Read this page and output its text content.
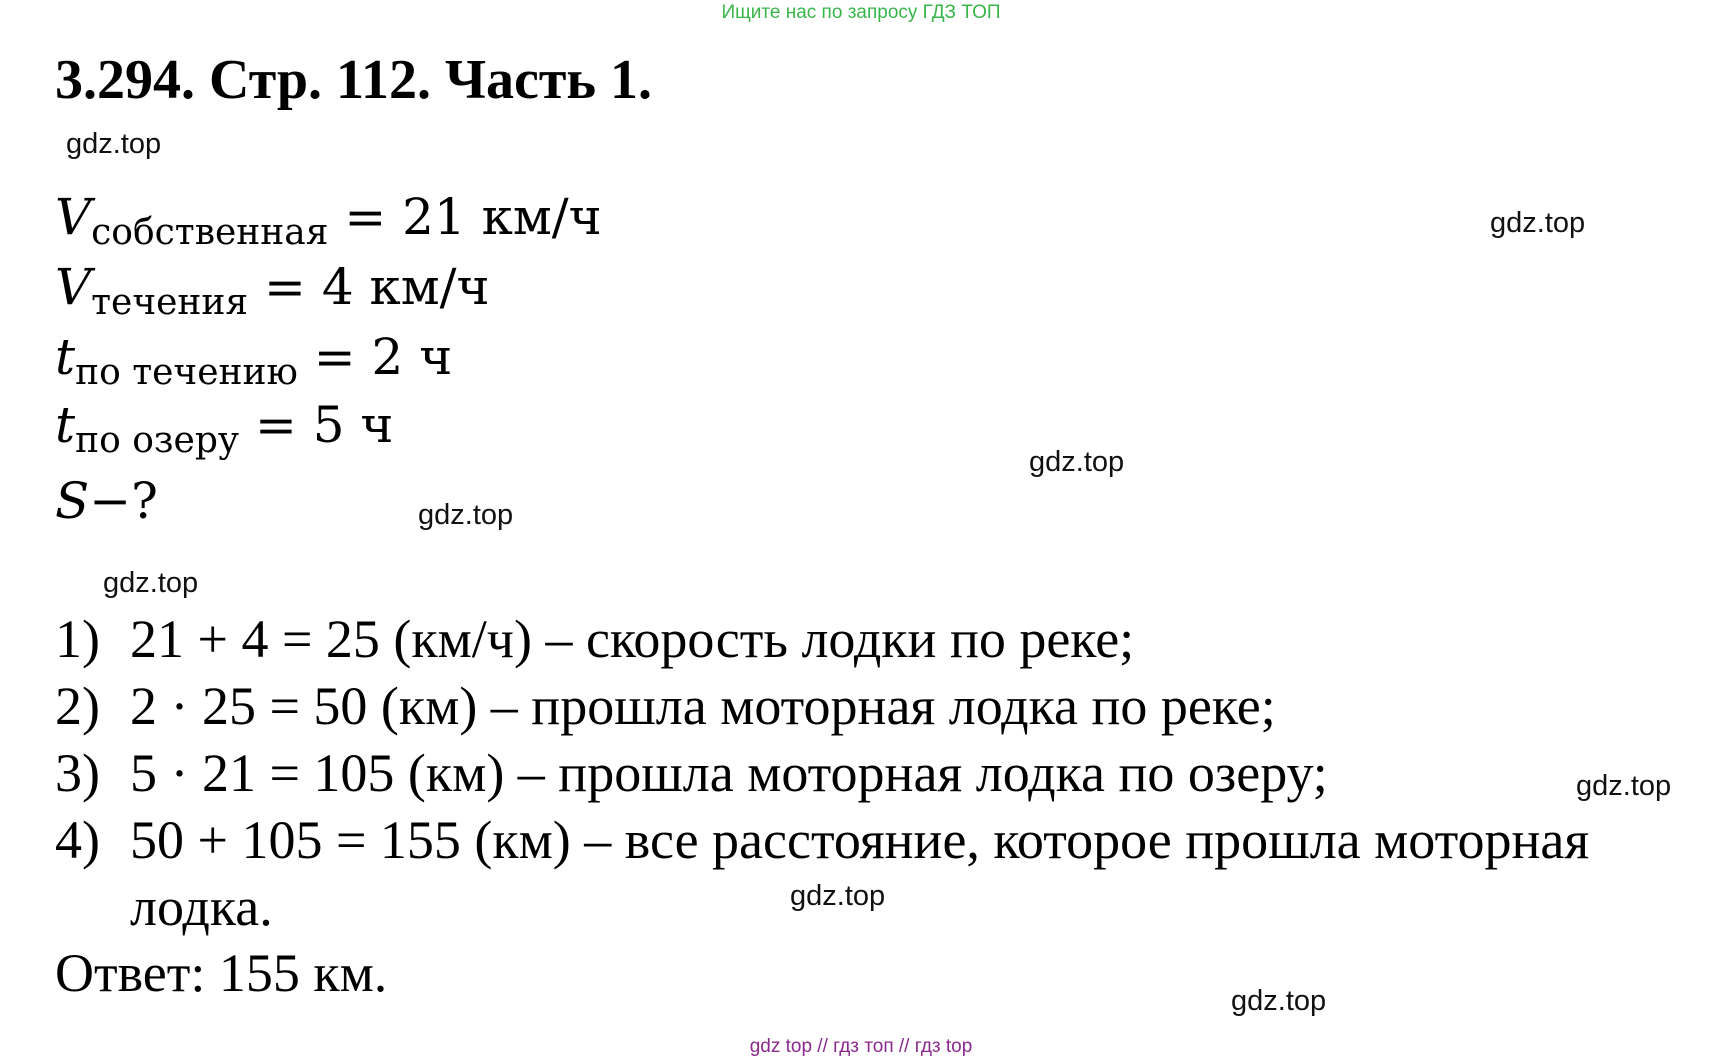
Ищите нас по запросу ГДЗ ТОП
3.294. Стр. 112. Часть 1.
gdz.top
gdz.top
gdz.top
gdz.top
gdz.top
gdz.top
gdz.top
gdz.top
$V_{собственная} = 21$ км/ч
$V_{течения} = 4$ км/ч
$t_{по течению} = 2$ ч
$t_{по озеру} = 5$ ч
S−?
1) 21 + 4 = 25 (км/ч) – скорость лодки по реке;
2) 2 · 25 = 50 (км) – прошла моторная лодка по реке;
3) 5 · 21 = 105 (км) – прошла моторная лодка по озеру;
4) 50 + 105 = 155 (км) – все расстояние, которое прошла моторная
лодка.
Ответ: 155 км.
gdz top // гдз топ // гдз top
